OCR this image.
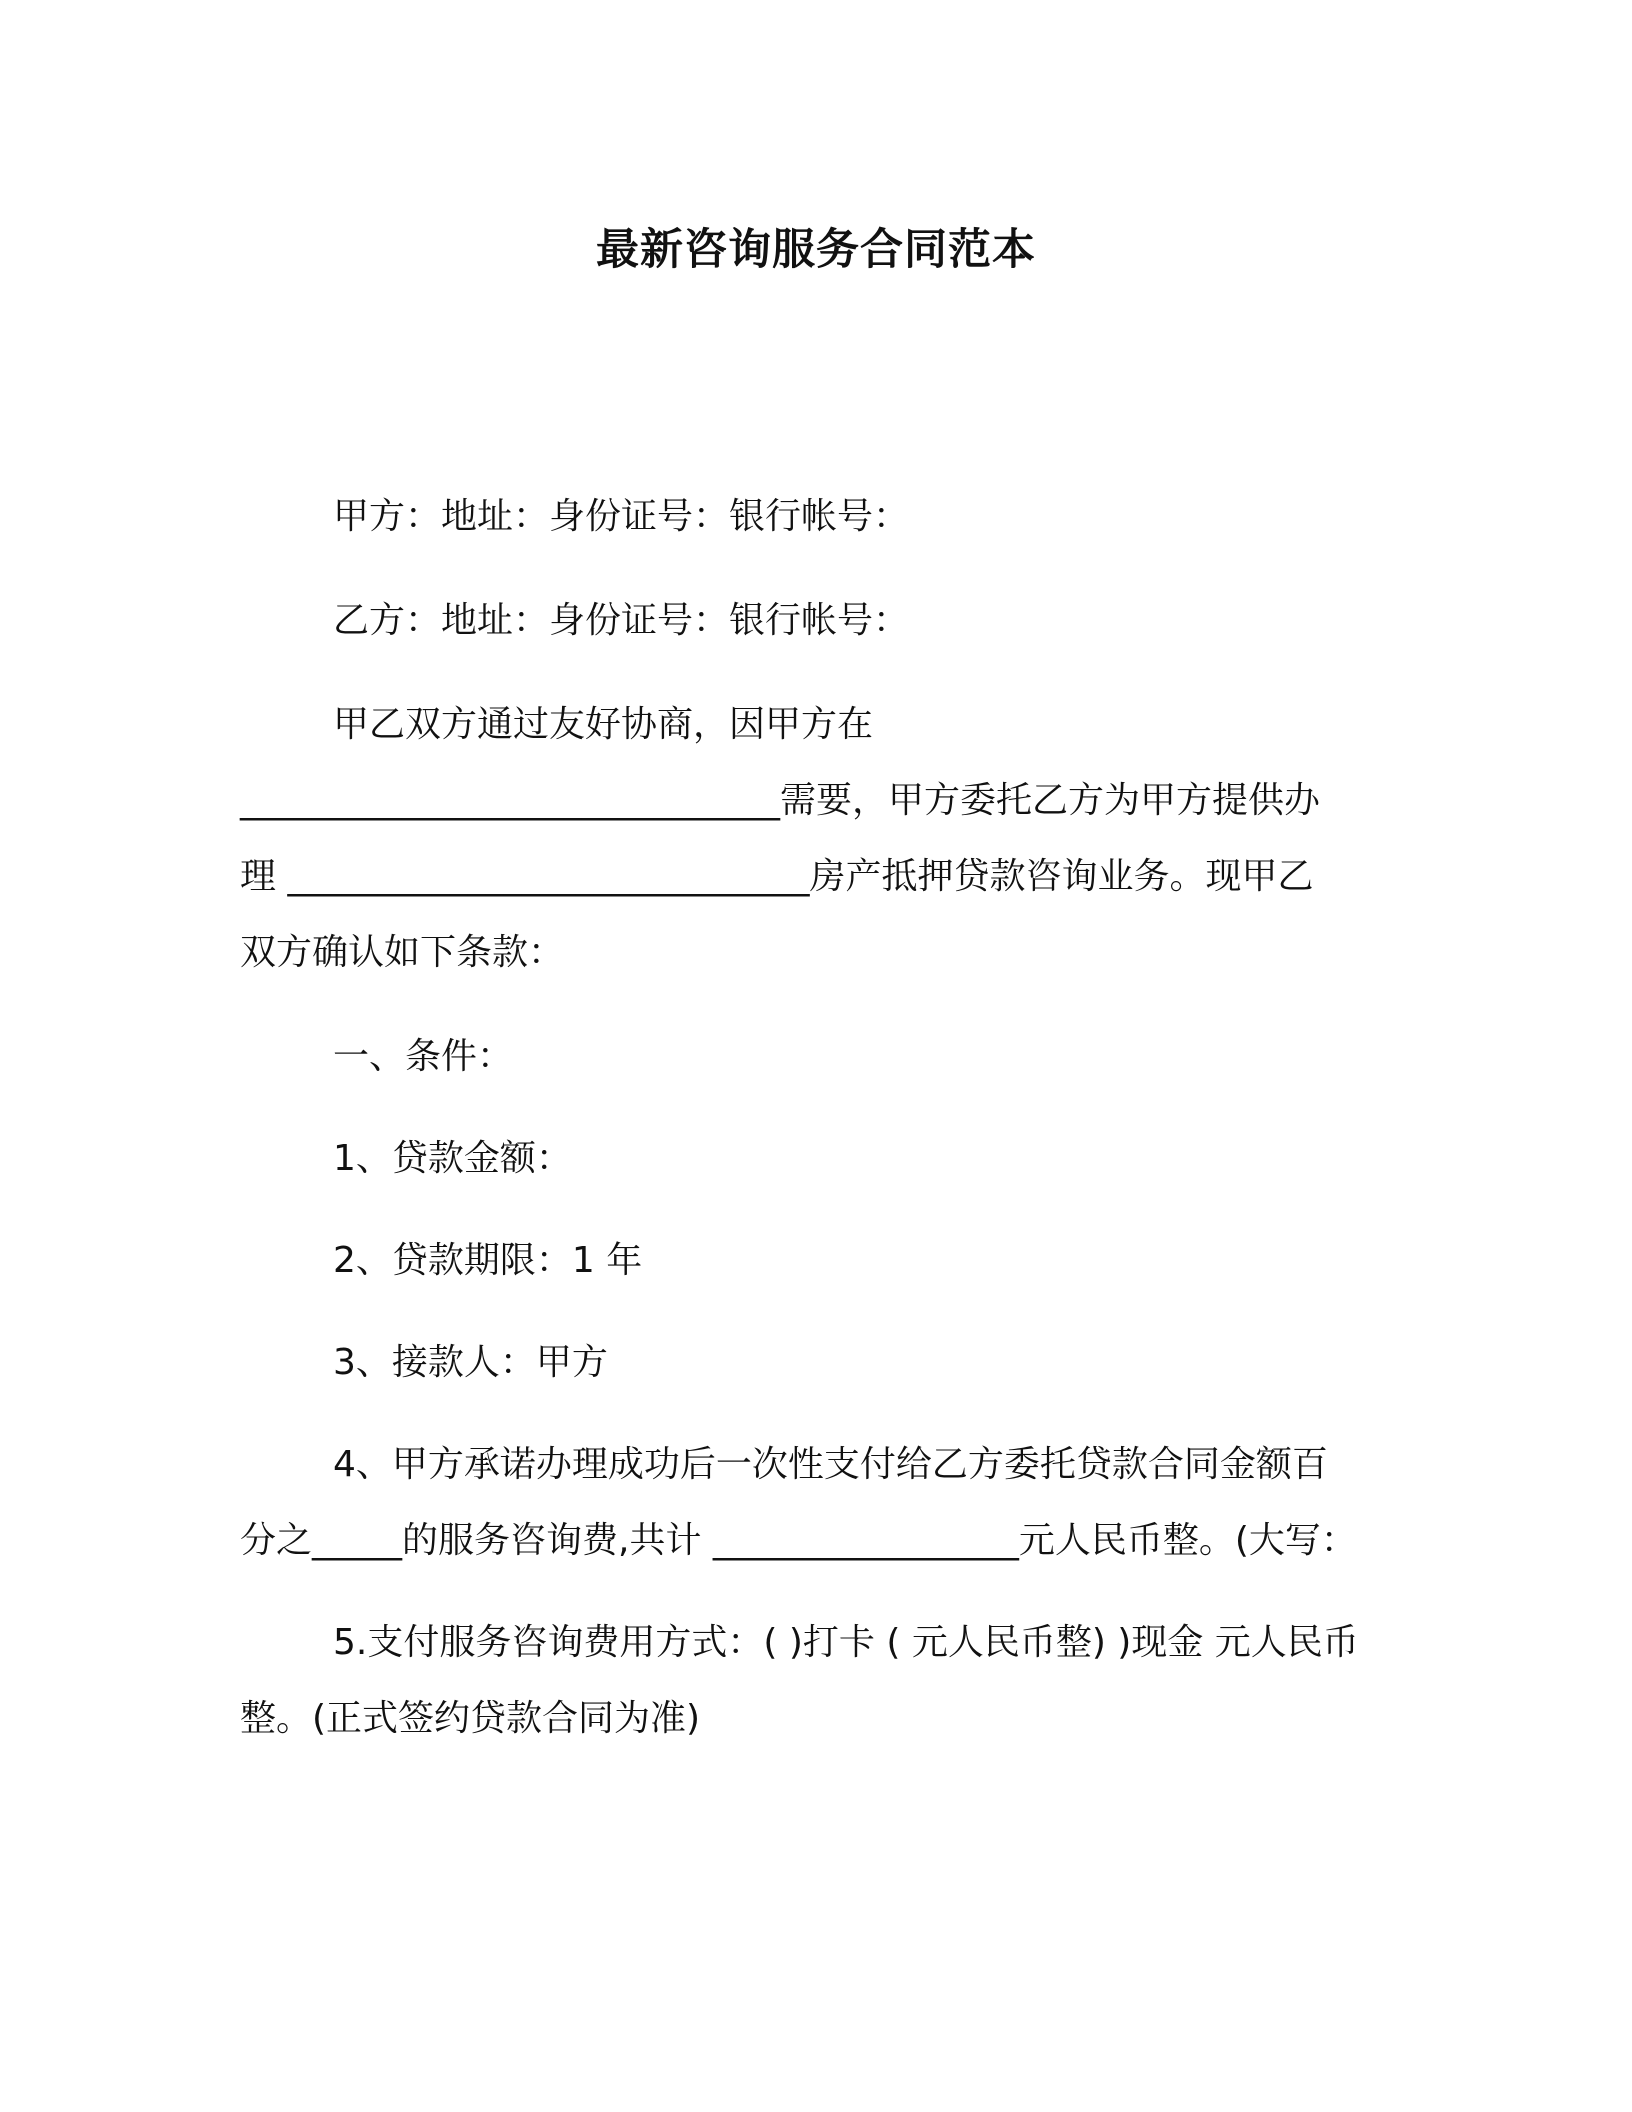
最新咨询服务合同范本
甲方：地址：身份证号：银行帐号：
乙方：地址：身份证号：银行帐号：
甲乙双方通过友好协商，因甲方在
______________________________需要，甲方委托乙方为甲方提供办
理 _____________________________房产抵押贷款咨询业务。现甲乙
双方确认如下条款：
一、条件：
1、贷款金额：
2、贷款期限：1 年
3、接款人：甲方
4、甲方承诺办理成功后一次性支付给乙方委托贷款合同金额百
分之_____的服务咨询费,共计 _________________元人民币整。(大写：
5.支付服务咨询费用方式：( )打卡 ( 元人民币整) )现金 元人民币
整。(正式签约贷款合同为准)
